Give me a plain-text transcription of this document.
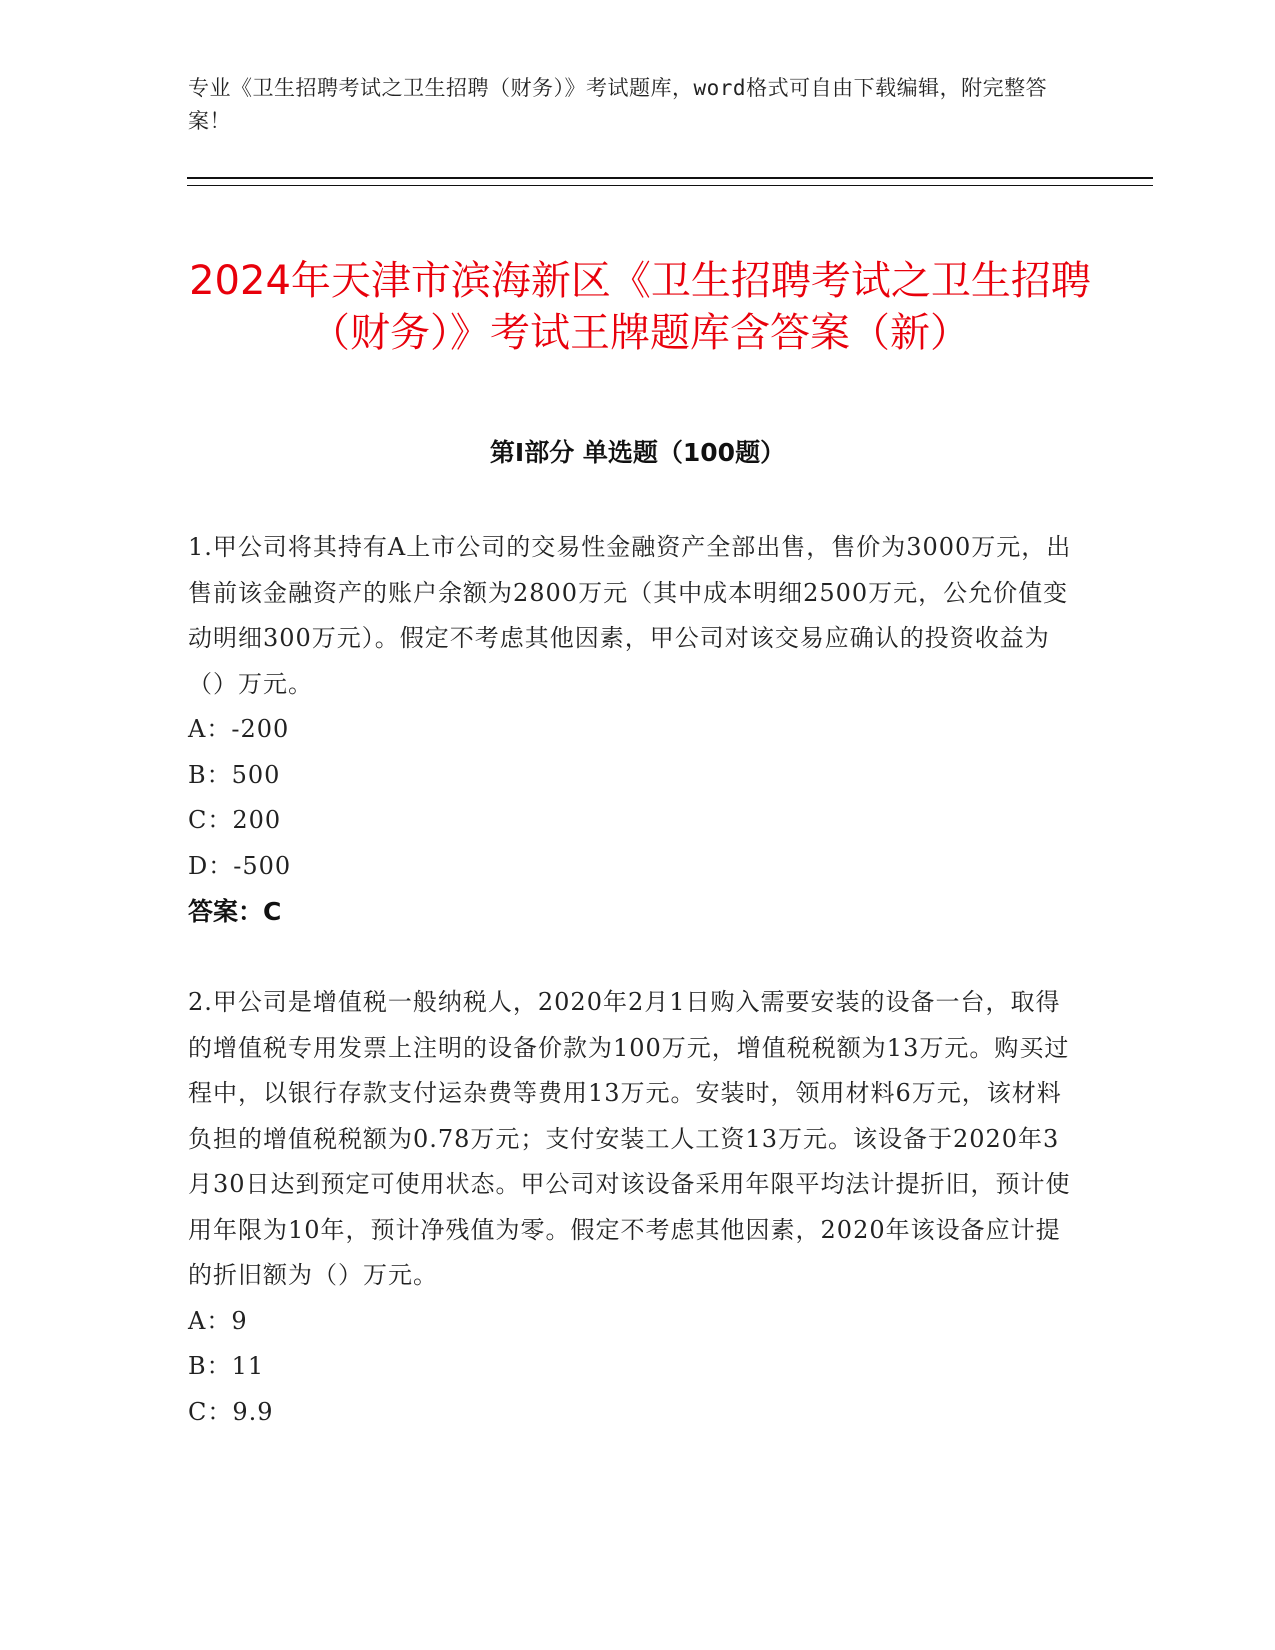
专业《卫生招聘考试之卫生招聘（财务）》考试题库，word格式可自由下载编辑，附完整答案！
2024年天津市滨海新区《卫生招聘考试之卫生招聘（财务）》考试王牌题库含答案（新）
第Ⅰ部分 单选题（100题）
1.甲公司将其持有A上市公司的交易性金融资产全部出售，售价为3000万元，出售前该金融资产的账户余额为2800万元（其中成本明细2500万元，公允价值变动明细300万元）。假定不考虑其他因素，甲公司对该交易应确认的投资收益为（）万元。
A：-200
B：500
C：200
D：-500
答案：C
2.甲公司是增值税一般纳税人，2020年2月1日购入需要安装的设备一台，取得的增值税专用发票上注明的设备价款为100万元，增值税税额为13万元。购买过程中，以银行存款支付运杂费等费用13万元。安装时，领用材料6万元，该材料负担的增值税税额为0.78万元；支付安装工人工资13万元。该设备于2020年3月30日达到预定可使用状态。甲公司对该设备采用年限平均法计提折旧，预计使用年限为10年，预计净残值为零。假定不考虑其他因素，2020年该设备应计提的折旧额为（）万元。
A：9
B：11
C：9.9
